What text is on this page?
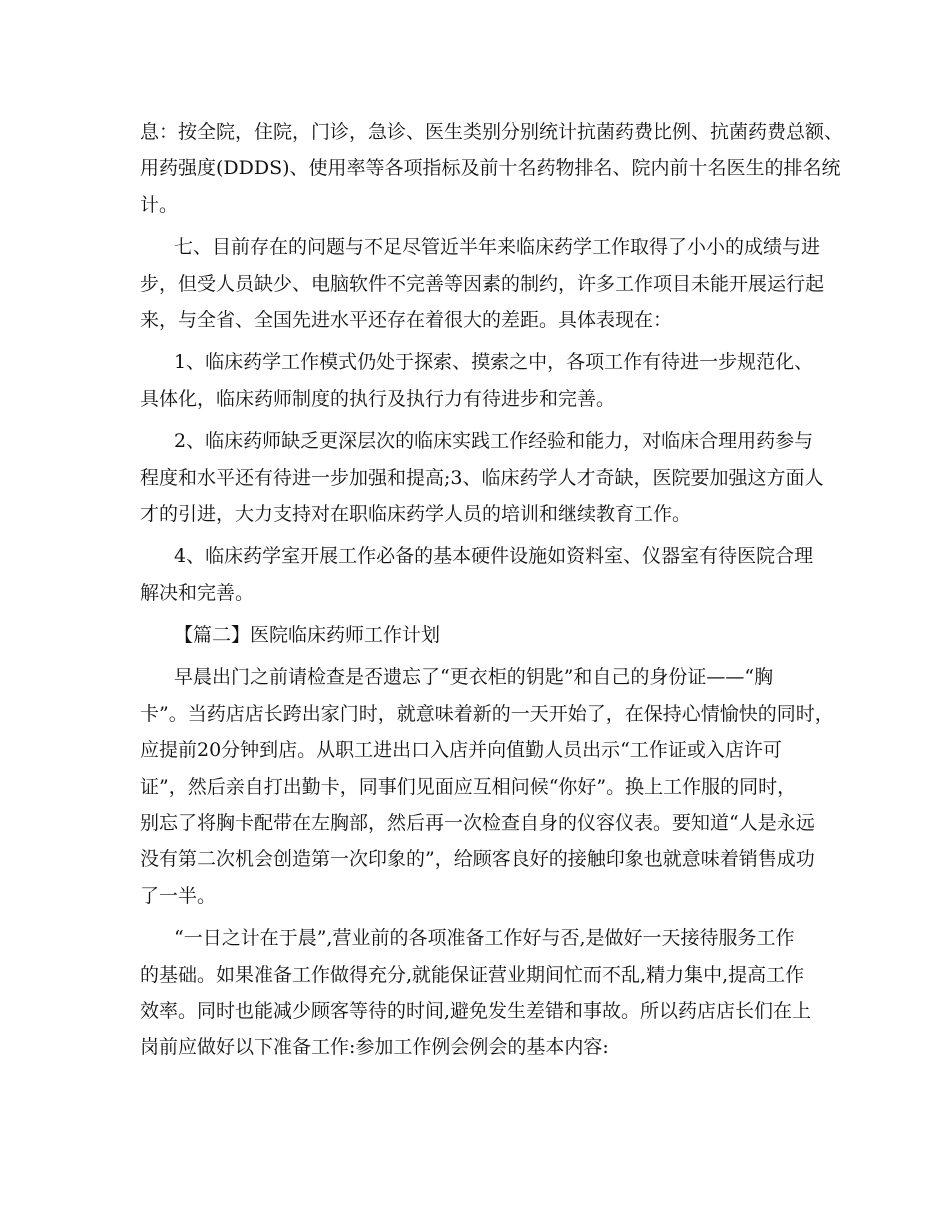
息：按全院，住院，门诊，急诊、医生类别分别统计抗菌药费比例、抗菌药费总额、
用药强度(DDDS)、使用率等各项指标及前十名药物排名、院内前十名医生的排名统
计。
七、目前存在的问题与不足尽管近半年来临床药学工作取得了小小的成绩与进
步，但受人员缺少、电脑软件不完善等因素的制约，许多工作项目未能开展运行起
来，与全省、全国先进水平还存在着很大的差距。具体表现在：
1、临床药学工作模式仍处于探索、摸索之中，各项工作有待进一步规范化、
具体化，临床药师制度的执行及执行力有待进步和完善。
2、临床药师缺乏更深层次的临床实践工作经验和能力，对临床合理用药参与
程度和水平还有待进一步加强和提高;3、临床药学人才奇缺，医院要加强这方面人
才的引进，大力支持对在职临床药学人员的培训和继续教育工作。
4、临床药学室开展工作必备的基本硬件设施如资料室、仪器室有待医院合理
解决和完善。
【篇二】医院临床药师工作计划
早晨出门之前请检查是否遗忘了“更衣柜的钥匙”和自己的身份证——“胸
卡”。当药店店长跨出家门时，就意味着新的一天开始了，在保持心情愉快的同时，
应提前20分钟到店。从职工进出口入店并向值勤人员出示“工作证或入店许可
证”，然后亲自打出勤卡，同事们见面应互相问候“你好”。换上工作服的同时，
别忘了将胸卡配带在左胸部，然后再一次检查自身的仪容仪表。要知道“人是永远
没有第二次机会创造第一次印象的”，给顾客良好的接触印象也就意味着销售成功
了一半。
“一日之计在于晨”,营业前的各项准备工作好与否,是做好一天接待服务工作
的基础。如果准备工作做得充分,就能保证营业期间忙而不乱,精力集中,提高工作
效率。同时也能减少顾客等待的时间,避免发生差错和事故。所以药店店长们在上
岗前应做好以下准备工作:参加工作例会例会的基本内容:
